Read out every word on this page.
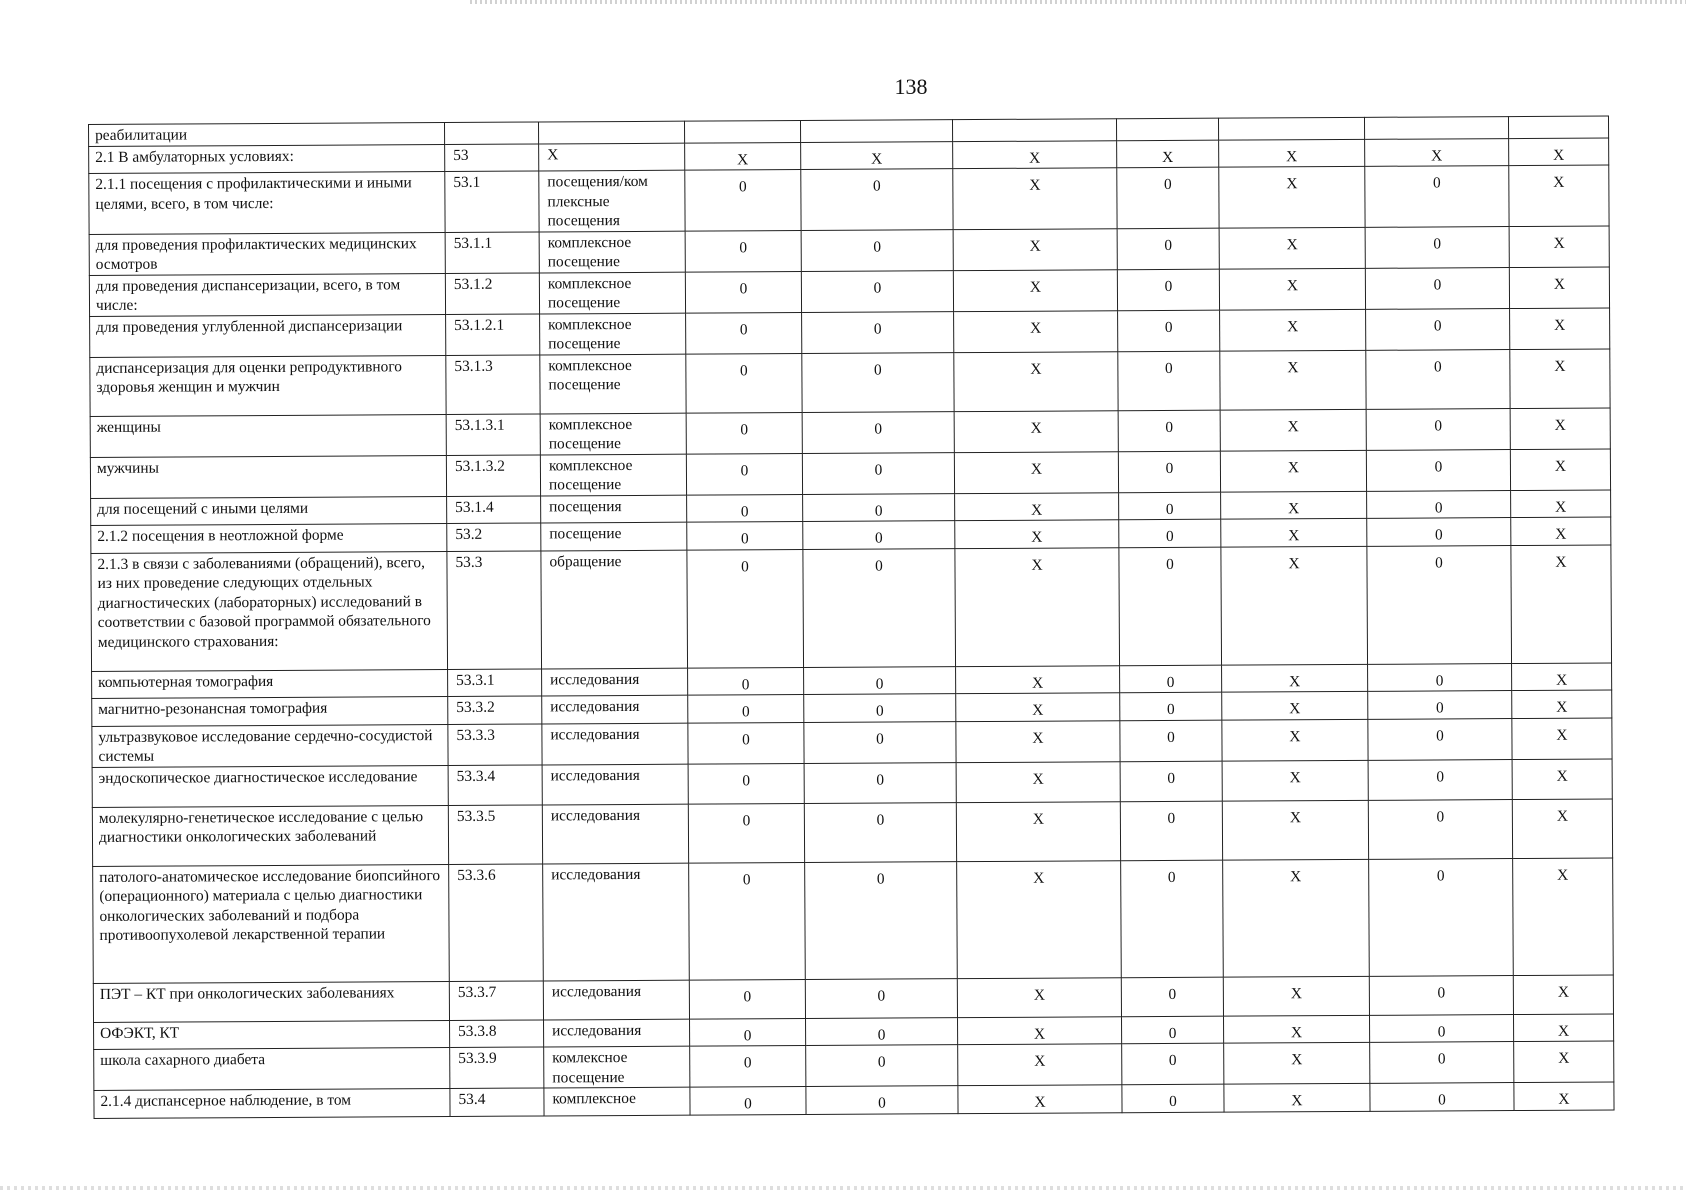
138
реабилитации									
2.1 В амбулаторных условиях:	53	Х	Х	Х	Х	Х	Х	Х	Х
2.1.1 посещения с профилактическими и иными целями, всего, в том числе:	53.1	посещения/ком плексные посещения	0	0	Х	0	Х	0	Х
для проведения профилактических медицинских осмотров	53.1.1	комплексное посещение	0	0	Х	0	Х	0	Х
для проведения диспансеризации, всего, в том числе:	53.1.2	комплексное посещение	0	0	Х	0	Х	0	Х
для проведения углубленной диспансеризации	53.1.2.1	комплексное посещение	0	0	Х	0	Х	0	Х
диспансеризация для оценки репродуктивного здоровья женщин и мужчин	53.1.3	комплексное посещение	0	0	Х	0	Х	0	Х
женщины	53.1.3.1	комплексное посещение	0	0	Х	0	Х	0	Х
мужчины	53.1.3.2	комплексное посещение	0	0	Х	0	Х	0	Х
для посещений с иными целями	53.1.4	посещения	0	0	Х	0	Х	0	Х
2.1.2 посещения в неотложной форме	53.2	посещение	0	0	Х	0	Х	0	Х
2.1.3 в связи с заболеваниями (обращений), всего, из них проведение следующих отдельных диагностических (лабораторных) исследований в соответствии с базовой программой обязательного медицинского страхования:	53.3	обращение	0	0	Х	0	Х	0	Х
компьютерная томография	53.3.1	исследования	0	0	Х	0	Х	0	Х
магнитно-резонансная томография	53.3.2	исследования	0	0	Х	0	Х	0	Х
ультразвуковое исследование сердечно-сосудистой системы	53.3.3	исследования	0	0	Х	0	Х	0	Х
эндоскопическое диагностическое исследование	53.3.4	исследования	0	0	Х	0	Х	0	Х
молекулярно-генетическое исследование с целью диагностики онкологических заболеваний	53.3.5	исследования	0	0	Х	0	Х	0	Х
патолого-анатомическое исследование биопсийного (операционного) материала с целью диагностики онкологических заболеваний и подбора противоопухолевой лекарственной терапии	53.3.6	исследования	0	0	Х	0	Х	0	Х
ПЭТ – КТ при онкологических заболеваниях	53.3.7	исследования	0	0	Х	0	Х	0	Х
ОФЭКТ, КТ	53.3.8	исследования	0	0	Х	0	Х	0	Х
школа сахарного диабета	53.3.9	комлексное посещение	0	0	Х	0	Х	0	Х
2.1.4 диспансерное наблюдение, в том	53.4	комплексное	0	0	Х	0	Х	0	Х
